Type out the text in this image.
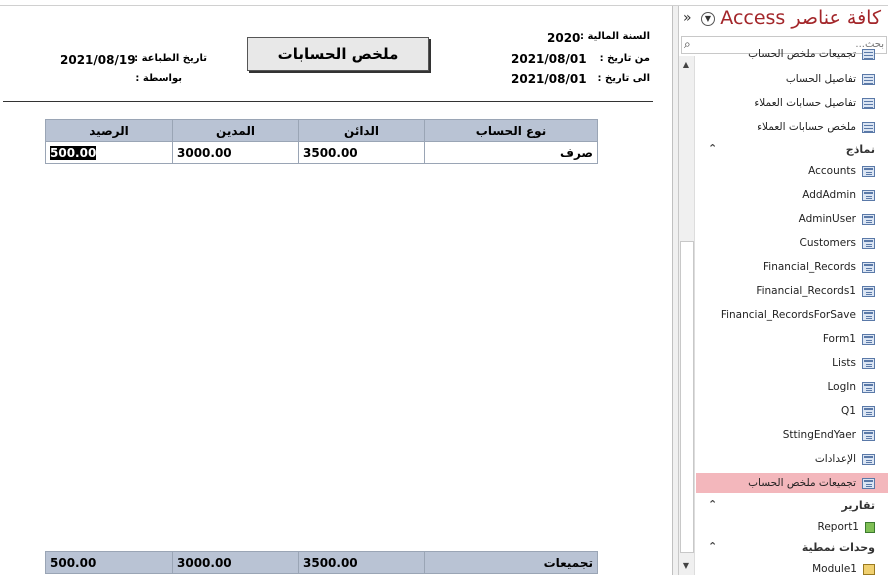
السنة المالية :
2020
من تاريخ :
2021/08/01
الى تاريخ :
2021/08/01
ملخص الحسابات
تاريخ الطباعة :
2021/08/19
بواسطة :
الرصيد	المدين	الدائن	نوع الحساب
500.00	3000.00	3500.00	صرف
500.00	3000.00	3500.00	تجميعات
»	▼ كافة عناصر Access
⌕
بحث...
▲
▼
تجميعات ملخص الحساب
تفاصيل الحساب
تفاصيل حسابات العملاء
ملخص حسابات العملاء
نماذج
⌃
Accounts
AddAdmin
AdminUser
Customers
Financial_Records
Financial_Records1
Financial_RecordsForSave
Form1
Lists
LogIn
Q1
SttingEndYaer
الإعدادات
تجميعات ملخص الحساب
تقارير
⌃
Report1
وحدات نمطية
⌃
Module1
